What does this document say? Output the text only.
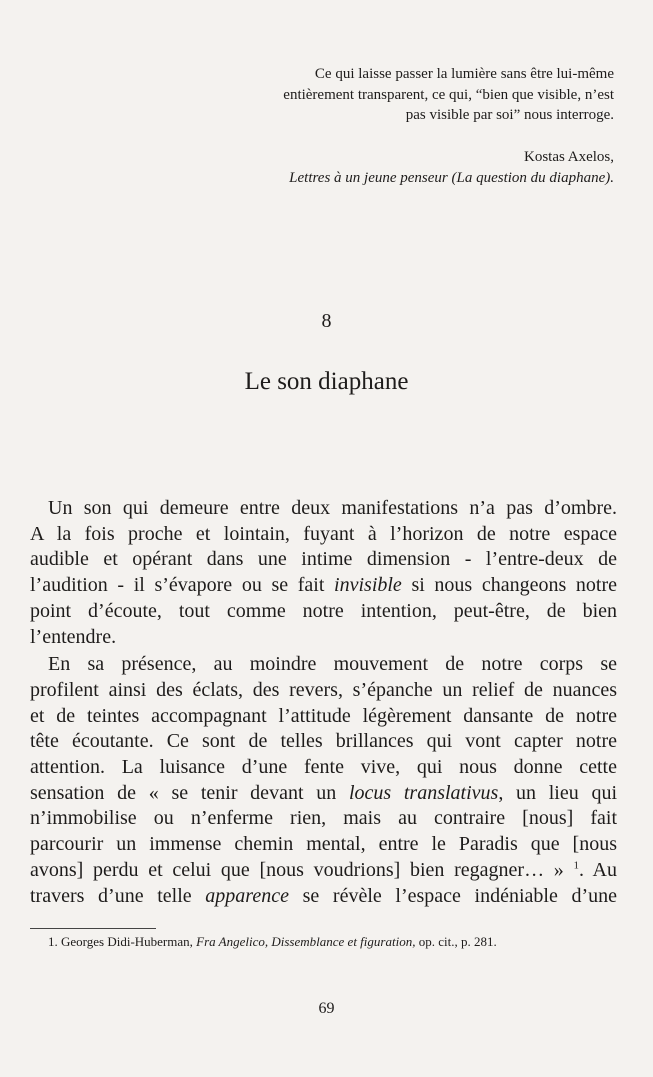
Ce qui laisse passer la lumière sans être lui-même
entièrement transparent, ce qui, “bien que visible, n’est
pas visible par soi” nous interroge.
Kostas Axelos,
Lettres à un jeune penseur (La question du diaphane).
8
Le son diaphane
Un son qui demeure entre deux manifestations n’a pas d’ombre.
A la fois proche et lointain, fuyant à l’horizon de notre espace
audible et opérant dans une intime dimension - l’entre-deux de
l’audition - il s’évapore ou se fait invisible si nous changeons notre
point d’écoute, tout comme notre intention, peut-être, de bien
l’entendre.
En sa présence, au moindre mouvement de notre corps se
profilent ainsi des éclats, des revers, s’épanche un relief de nuances
et de teintes accompagnant l’attitude légèrement dansante de notre
tête écoutante. Ce sont de telles brillances qui vont capter notre
attention. La luisance d’une fente vive, qui nous donne cette
sensation de « se tenir devant un locus translativus, un lieu qui
n’immobilise ou n’enferme rien, mais au contraire [nous] fait
parcourir un immense chemin mental, entre le Paradis que [nous
avons] perdu et celui que [nous voudrions] bien regagner… » $^1$. Au
travers d’une telle apparence se révèle l’espace indéniable d’une
1. Georges Didi-Huberman, Fra Angelico, Dissemblance et figuration, op. cit., p. 281.
69
